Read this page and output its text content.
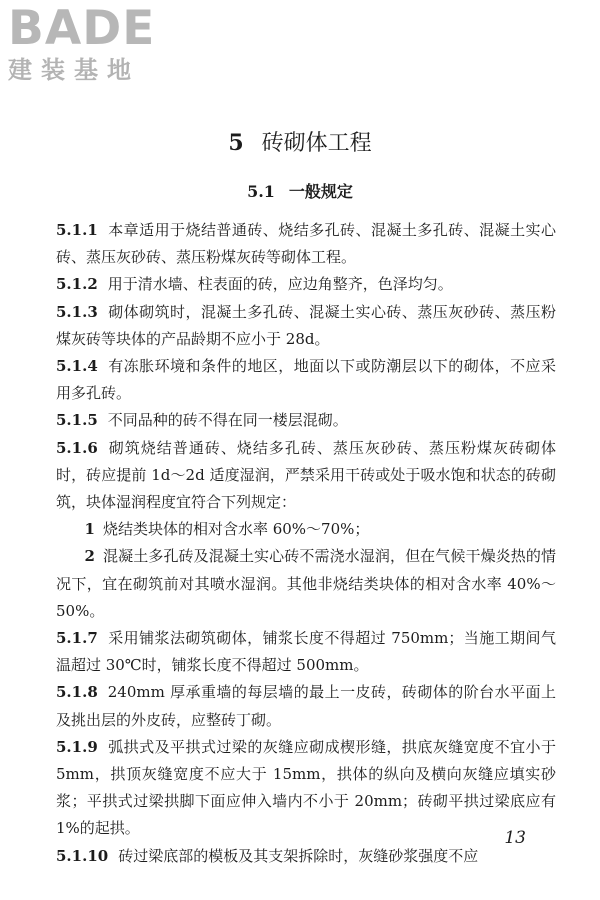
BADE
建装基地
5 砖砌体工程
5.1 一般规定

5.1.1 本章适用于烧结普通砖、烧结多孔砖、混凝土多孔砖、混凝土实心砖、蒸压灰砂砖、蒸压粉煤灰砖等砌体工程。

5.1.2 用于清水墙、柱表面的砖，应边角整齐，色泽均匀。

5.1.3 砌体砌筑时，混凝土多孔砖、混凝土实心砖、蒸压灰砂砖、蒸压粉煤灰砖等块体的产品龄期不应小于 28d。

5.1.4 有冻胀环境和条件的地区，地面以下或防潮层以下的砌体，不应采用多孔砖。

5.1.5 不同品种的砖不得在同一楼层混砌。

5.1.6 砌筑烧结普通砖、烧结多孔砖、蒸压灰砂砖、蒸压粉煤灰砖砌体时，砖应提前 1d～2d 适度湿润，严禁采用干砖或处于吸水饱和状态的砖砌筑，块体湿润程度宜符合下列规定：

1 烧结类块体的相对含水率 60%～70%；

2 混凝土多孔砖及混凝土实心砖不需浇水湿润，但在气候干燥炎热的情况下，宜在砌筑前对其喷水湿润。其他非烧结类块体的相对含水率 40%～50%。

5.1.7 采用铺浆法砌筑砌体，铺浆长度不得超过 750mm；当施工期间气温超过 30℃时，铺浆长度不得超过 500mm。

5.1.8 240mm 厚承重墙的每层墙的最上一皮砖，砖砌体的阶台水平面上及挑出层的外皮砖，应整砖丁砌。

5.1.9 弧拱式及平拱式过梁的灰缝应砌成楔形缝，拱底灰缝宽度不宜小于 5mm，拱顶灰缝宽度不应大于 15mm，拱体的纵向及横向灰缝应填实砂浆；平拱式过梁拱脚下面应伸入墙内不小于 20mm；砖砌平拱过梁底应有 1%的起拱。

5.1.10 砖过梁底部的模板及其支架拆除时，灰缝砂浆强度不应

13
